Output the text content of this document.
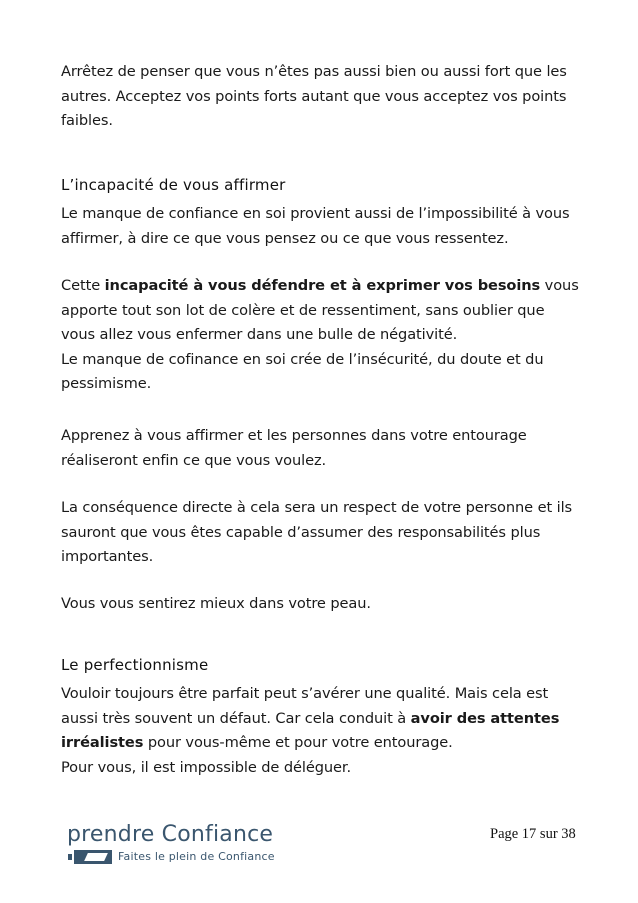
Arrêtez de penser que vous n’êtes pas aussi bien ou aussi fort que les autres. Acceptez vos points forts autant que vous acceptez vos points faibles.

L’incapacité de vous affirmer

Le manque de confiance en soi provient aussi de l’impossibilité à vous affirmer, à dire ce que vous pensez ou ce que vous ressentez.

Cette incapacité à vous défendre et à exprimer vos besoins vous apporte tout son lot de colère et de ressentiment, sans oublier que vous allez vous enfermer dans une bulle de négativité.

Le manque de cofinance en soi crée de l’insécurité, du doute et du pessimisme.

Apprenez à vous affirmer et les personnes dans votre entourage réaliseront enfin ce que vous voulez.

La conséquence directe à cela sera un respect de votre personne et ils sauront que vous êtes capable d’assumer des responsabilités plus importantes.

Vous vous sentirez mieux dans votre peau.

Le perfectionnisme

Vouloir toujours être parfait peut s’avérer une qualité. Mais cela est aussi très souvent un défaut. Car cela conduit à avoir des attentes irréalistes pour vous-même et pour votre entourage.

Pour vous, il est impossible de déléguer.

prendre Confiance
Faites le plein de Confiance
Page 17 sur 38
